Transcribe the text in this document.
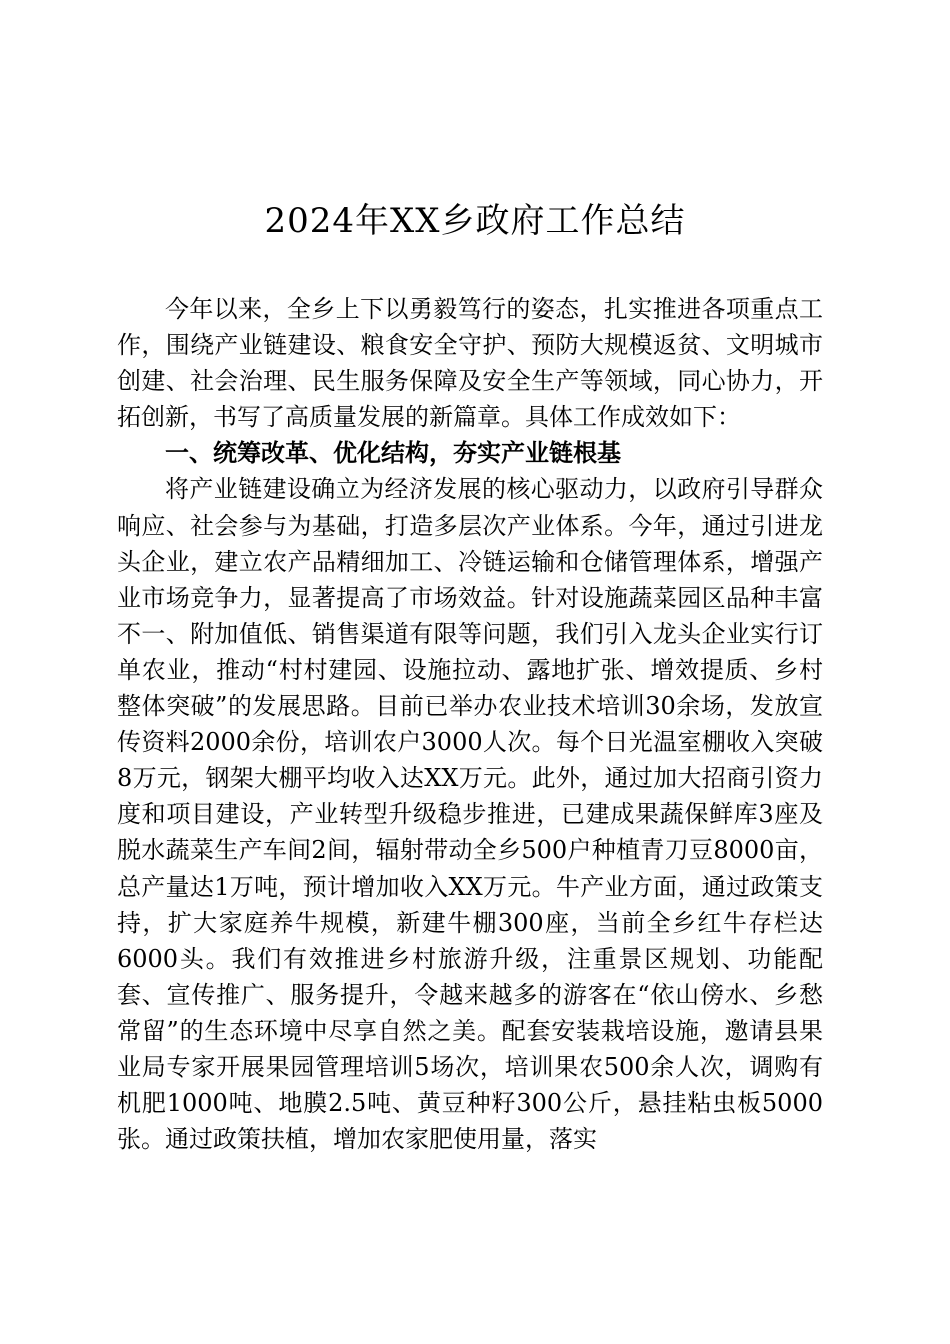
2024年XX乡政府工作总结

今年以来，全乡上下以勇毅笃行的姿态，扎实推进各项重点工作，围绕产业链建设、粮食安全守护、预防大规模返贫、文明城市创建、社会治理、民生服务保障及安全生产等领域，同心协力，开拓创新，书写了高质量发展的新篇章。具体工作成效如下：

一、统筹改革、优化结构，夯实产业链根基

将产业链建设确立为经济发展的核心驱动力，以政府引导群众响应、社会参与为基础，打造多层次产业体系。今年，通过引进龙头企业，建立农产品精细加工、冷链运输和仓储管理体系，增强产业市场竞争力，显著提高了市场效益。针对设施蔬菜园区品种丰富不一、附加值低、销售渠道有限等问题，我们引入龙头企业实行订单农业，推动“村村建园、设施拉动、露地扩张、增效提质、乡村整体突破”的发展思路。目前已举办农业技术培训30余场，发放宣传资料2000余份，培训农户3000人次。每个日光温室棚收入突破8万元，钢架大棚平均收入达XX万元。此外，通过加大招商引资力度和项目建设，产业转型升级稳步推进，已建成果蔬保鲜库3座及脱水蔬菜生产车间2间，辐射带动全乡500户种植青刀豆8000亩，总产量达1万吨，预计增加收入XX万元。牛产业方面，通过政策支持，扩大家庭养牛规模，新建牛棚300座，当前全乡红牛存栏达6000头。我们有效推进乡村旅游升级，注重景区规划、功能配套、宣传推广、服务提升，令越来越多的游客在“依山傍水、乡愁常留”的生态环境中尽享自然之美。配套安装栽培设施，邀请县果业局专家开展果园管理培训5场次，培训果农500余人次，调购有机肥1000吨、地膜2.5吨、黄豆种籽300公斤，悬挂粘虫板5000张。通过政策扶植，增加农家肥使用量，落实
